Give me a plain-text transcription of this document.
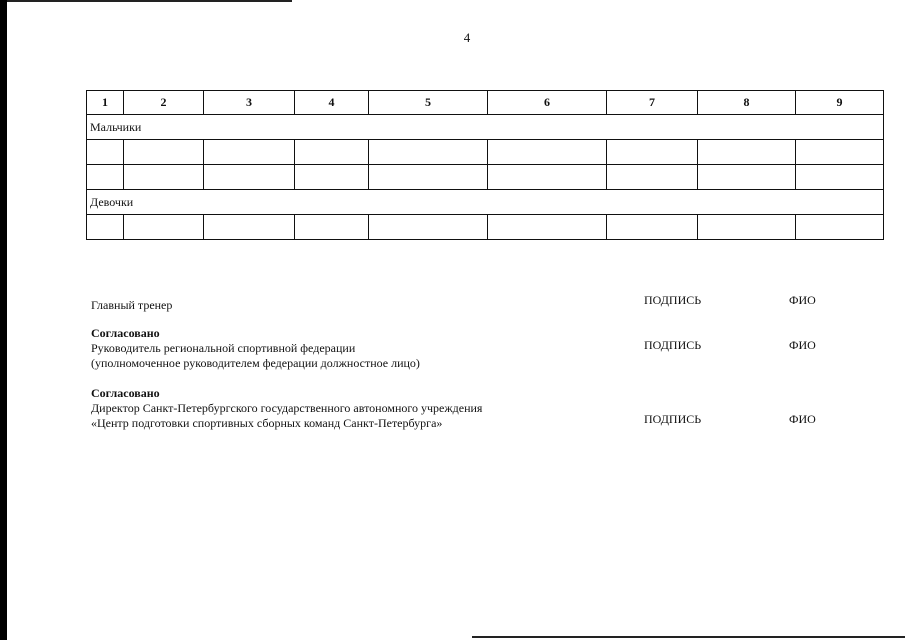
4
1	2	3	4	5	6	7	8	9
Мальчики								

Девочки								

Главный тренер	ПОДПИСЬ	ФИО
Согласовано
Руководитель региональной спортивной федерации
(уполномоченное руководителем федерации должностное лицо)
ПОДПИСЬ	ФИО
Согласовано
Директор Санкт-Петербургского государственного автономного учреждения
«Центр подготовки спортивных сборных команд Санкт-Петербурга»	ПОДПИСЬ	ФИО
